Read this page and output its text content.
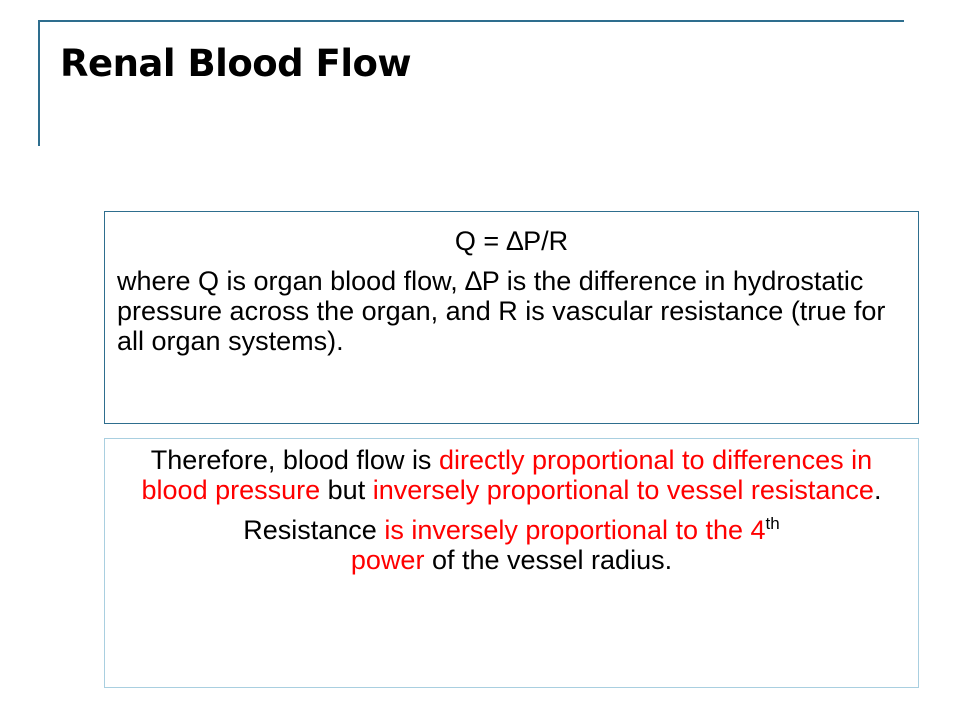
Renal Blood Flow

Q = ∆P/R

where Q is organ blood flow, ∆P is the difference in hydrostatic pressure across the organ, and R is vascular resistance (true for all organ systems).

Therefore, blood flow is directly proportional to differences in blood pressure but inversely proportional to vessel resistance.

Resistance is inversely proportional to the 4th
power of the vessel radius.
